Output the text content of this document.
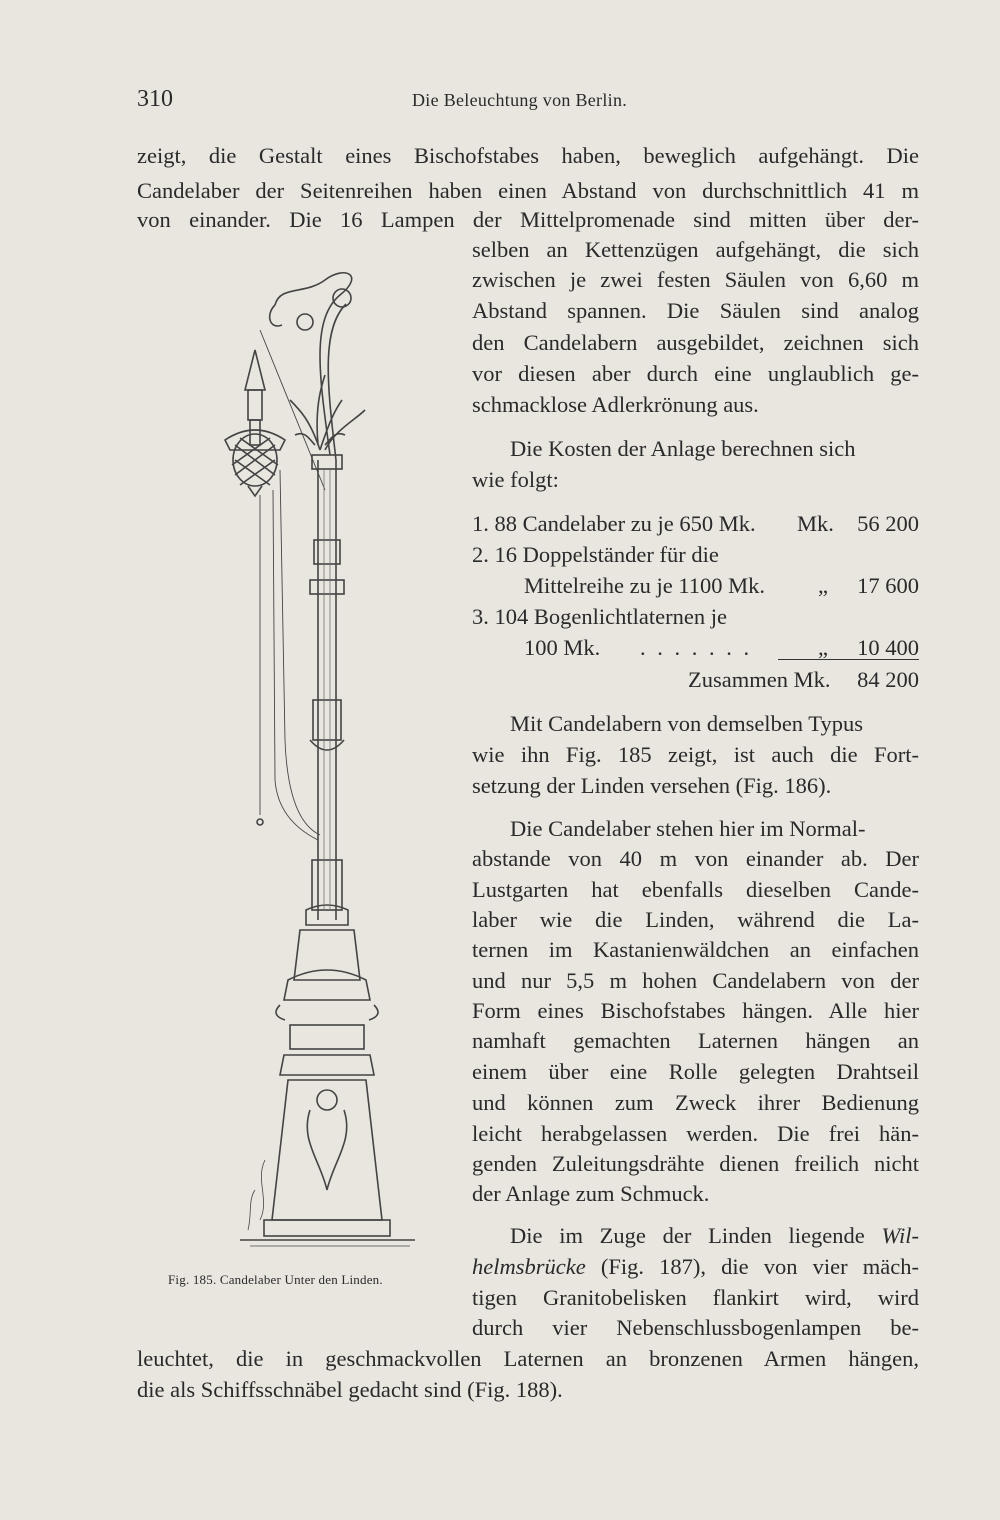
310	Die Beleuchtung von Berlin.
zeigt, die Gestalt eines Bischofstabes haben, beweglich aufgehängt. Die
Candelaber der Seitenreihen haben einen Abstand von durchschnittlich 41 m
von einander. Die 16 Lampen der Mittelpromenade sind mitten über der-
selben an Kettenzügen aufgehängt, die sich
zwischen je zwei festen Säulen von 6,60 m
Abstand spannen. Die Säulen sind analog
den Candelabern ausgebildet, zeichnen sich
vor diesen aber durch eine unglaublich ge-
schmacklose Adlerkrönung aus.
Die Kosten der Anlage berechnen sich
wie folgt:
1. 88 Candelaber zu je 650 Mk. Mk. 56 200
2. 16 Doppelständer für die
Mittelreihe zu je 1100 Mk. „ 17 600
3. 104 Bogenlichtlaternen je
100 Mk. . . . . . . .	„ 10 400
Zusammen Mk. 84 200
Mit Candelabern von demselben Typus
wie ihn Fig. 185 zeigt, ist auch die Fort-
setzung der Linden versehen (Fig. 186).
Die Candelaber stehen hier im Normal-
abstande von 40 m von einander ab. Der
Lustgarten hat ebenfalls dieselben Cande-
laber wie die Linden, während die La-
ternen im Kastanienwäldchen an einfachen
und nur 5,5 m hohen Candelabern von der
Form eines Bischofstabes hängen. Alle hier
namhaft gemachten Laternen hängen an
einem über eine Rolle gelegten Drahtseil
und können zum Zweck ihrer Bedienung
leicht herabgelassen werden. Die frei hän-
genden Zuleitungsdrähte dienen freilich nicht
der Anlage zum Schmuck.
Die im Zuge der Linden liegende Wil-
helmsbrücke (Fig. 187), die von vier mäch-
tigen Granitobelisken flankirt wird, wird
durch vier Nebenschlussbogenlampen be-
leuchtet, die in geschmackvollen Laternen an bronzenen Armen hängen,
die als Schiffsschnäbel gedacht sind (Fig. 188).
Fig. 185. Candelaber Unter den Linden.
